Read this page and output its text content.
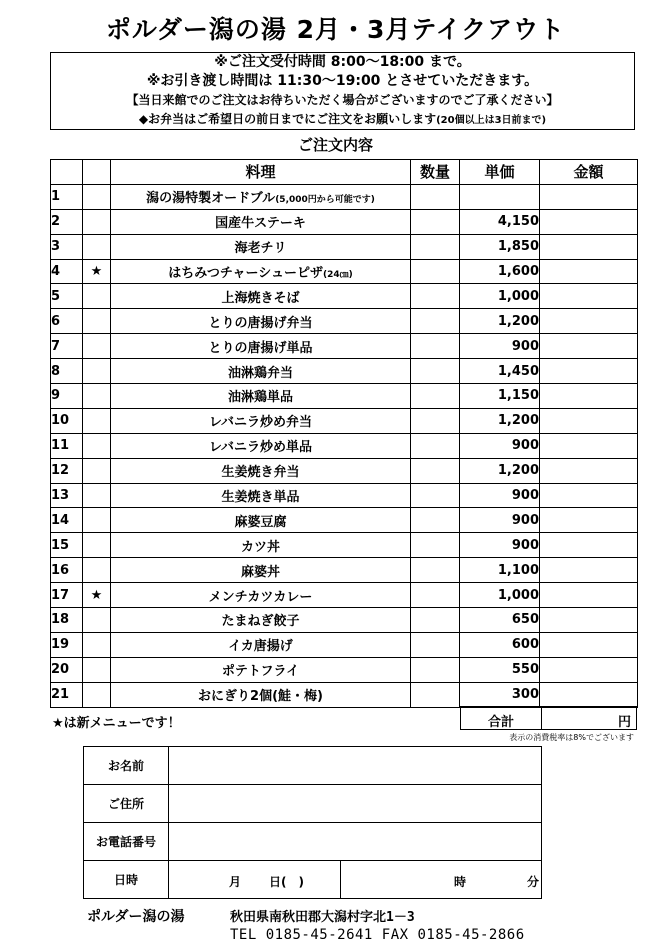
ポルダー潟の湯 2月・3月テイクアウト
※ご注文受付時間 8:00～18:00 まで。
※お引き渡し時間は 11:30～19:00 とさせていただきます。
【当日来館でのご注文はお待ちいただく場合がございますのでご了承ください】
◆お弁当はご希望日の前日までにご注文をお願いします(20個以上は3日前まで)
ご注文内容
		料理	数量	単価	金額
1		潟の湯特製オードブル(5,000円から可能です)			
2		国産牛ステーキ		4,150	
3		海老チリ		1,850	
4	★	はちみつチャーシューピザ(24㎝)		1,600	
5		上海焼きそば		1,000	
6		とりの唐揚げ弁当		1,200	
7		とりの唐揚げ単品		900	
8		油淋鶏弁当		1,450	
9		油淋鶏単品		1,150	
10		レバニラ炒め弁当		1,200	
11		レバニラ炒め単品		900	
12		生姜焼き弁当		1,200	
13		生姜焼き単品		900	
14		麻婆豆腐		900	
15		カツ丼		900	
16		麻婆丼		1,100	
17	★	メンチカツカレー		1,000	
18		たまねぎ餃子		650	
19		イカ唐揚げ		600	
20		ポテトフライ		550	
21		おにぎり2個(鮭・梅)		300	
★は新メニューです！	合計	円
表示の消費税率は8%でございます
お名前	
ご住所	
お電話番号	
日時	月 日(　) 時 分
ポルダー潟の湯	秋田県南秋田郡大潟村字北1－3
TEL 0185-45-2641 FAX 0185-45-2866
